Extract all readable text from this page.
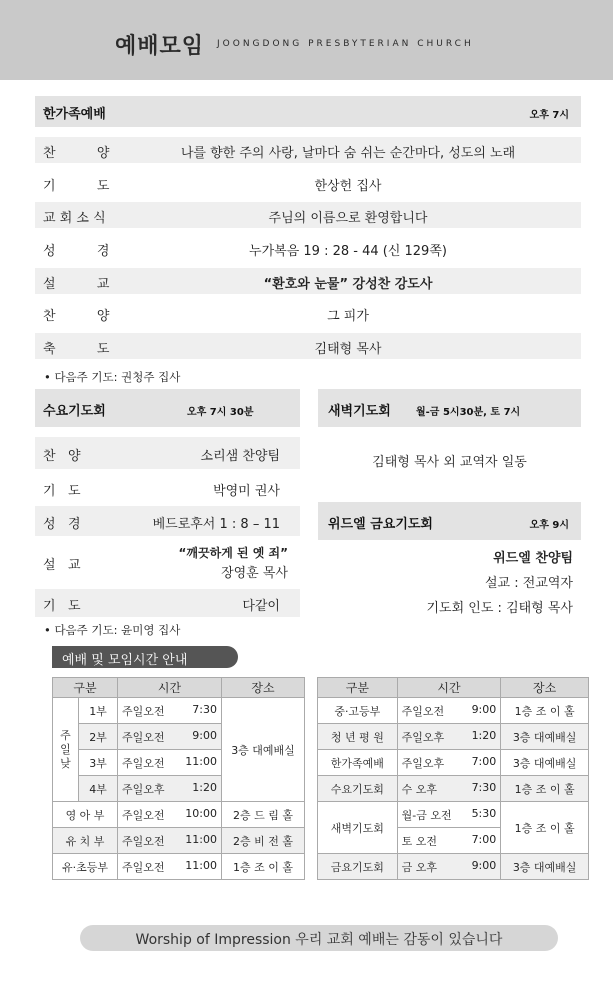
예배모임 JOONGDONG PRESBYTERIAN CHURCH
한가족예배	오후 7시
찬          양	나를 향한 주의 사랑, 날마다 숨 쉬는 순간마다, 성도의 노래
기          도	한상헌 집사
교 회 소 식	주님의 이름으로 환영합니다
성          경	누가복음 19 : 28 - 44 (신 129쪽)
설          교	“환호와 눈물” 강성찬 강도사
찬          양	그 피가
축          도	김태형 목사
• 다음주 기도: 권청주 집사
수요기도회	오후 7시 30분
찬   양	소리샘 찬양팀
기   도	박영미 권사
성   경	베드로후서 1 : 8 – 11
설   교
“깨끗하게 된 옛 죄”
장영훈 목사
기   도	다같이
• 다음주 기도: 윤미영 집사
새벽기도회	월-금 5시30분, 토 7시
김태형 목사 외 교역자 일동
위드엘 금요기도회	오후 9시
위드엘 찬양팀
설교 : 전교역자
기도회 인도 : 김태형 목사
예배 및 모임시간 안내
구분		시간	장소
주일낮	1부	주일오전 7:30	3층 대예배실
	2부	주일오전 9:00	

	3부	주일오전 11:00	

	4부	주일오후 1:20	

영 아 부		주일오전 10:00	2층 드 림 홀
유 치 부		주일오전 11:00	2층 비 전 홀
유·초등부		주일오전 11:00	1층 조 이 홀
구분	시간	장소
중·고등부	주일오전 9:00	1층 조 이 홀
청 년 평 원	주일오후 1:20	3층 대예배실
한가족예배	주일오후 7:00	3층 대예배실
수요기도회	수 오후 7:30	1층 조 이 홀
새벽기도회	월-금 오전 5:30	1층 조 이 홀

	토 오전 7:00	

금요기도회	금 오후 9:00	3층 대예배실
Worship of Impression 우리 교회 예배는 감동이 있습니다
